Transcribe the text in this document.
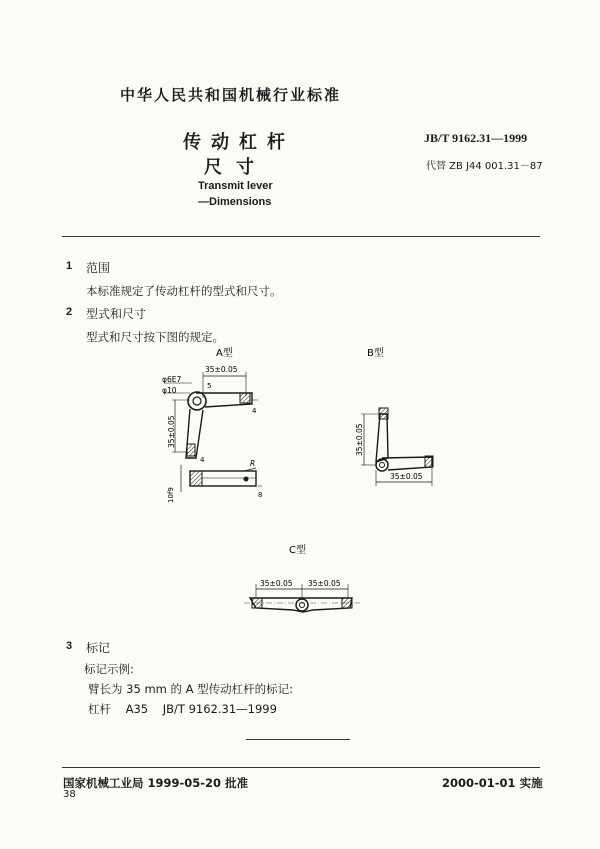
中华人民共和国机械行业标准
传动杠杆
尺寸
Transmit lever
—Dimensions
JB/T 9162.31—1999
代替 ZB J44 001.31－87
1 范围
本标准规定了传动杠杆的型式和尺寸。
2 型式和尺寸
型式和尺寸按下图的规定。
A型	B型
C型
35±0.05
φ6E7
φ10	5
4
4
35±0.05
R
8
10f9
35±0.05
35±0.05
35±0.05 35±0.05
3 标记
标记示例:
臂长为 35 mm 的 A 型传动杠杆的标记:
杠杆    A35    JB/T 9162.31—1999
国家机械工业局 1999-05-20 批准	2000-01-01 实施
38
